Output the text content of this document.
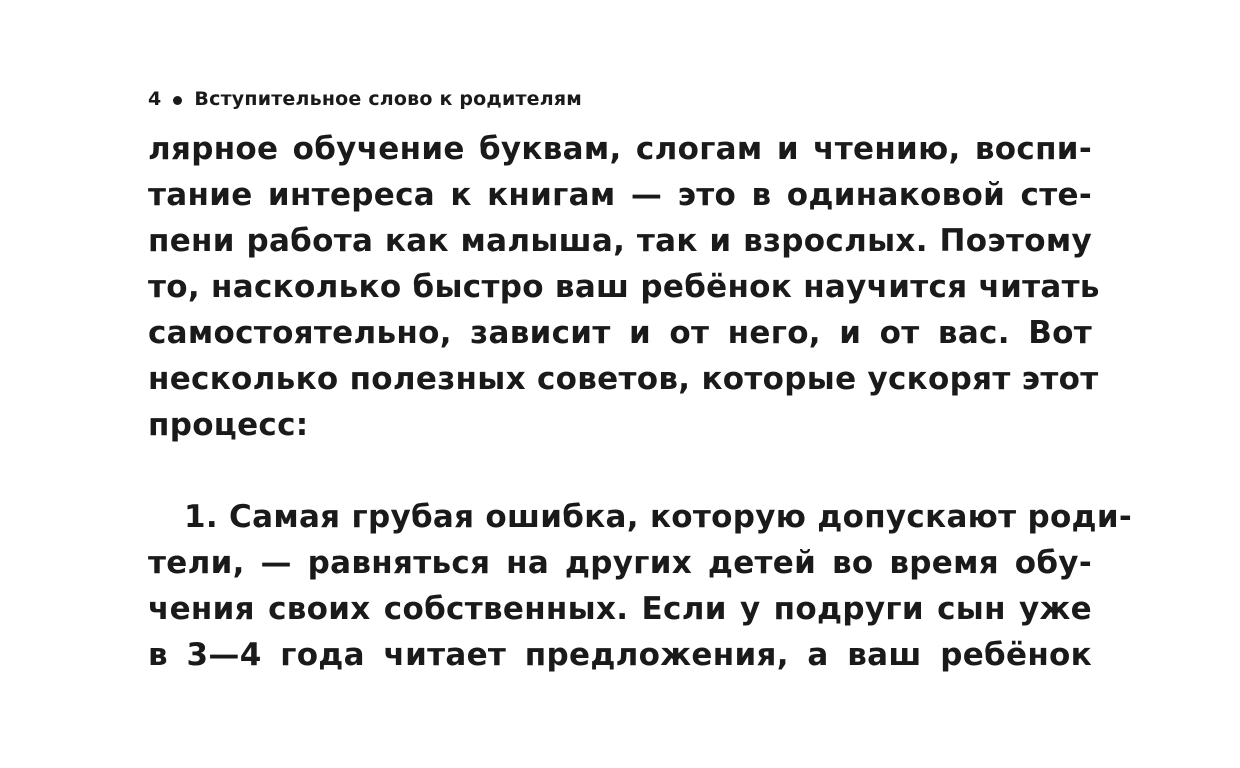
4 Вступительное слово к родителям
лярное обучение буквам, слогам и чтению, воспи-
тание интереса к книгам — это в одинаковой сте-
пени работа как малыша, так и взрослых. Поэтому
то, насколько быстро ваш ребёнок научится читать
самостоятельно, зависит и от него, и от вас. Вот
несколько полезных советов, которые ускорят этот
процесс:
1. Самая грубая ошибка, которую допускают роди-
тели, — равняться на других детей во время обу-
чения своих собственных. Если у подруги сын уже
в 3—4 года читает предложения, а ваш ребёнок
